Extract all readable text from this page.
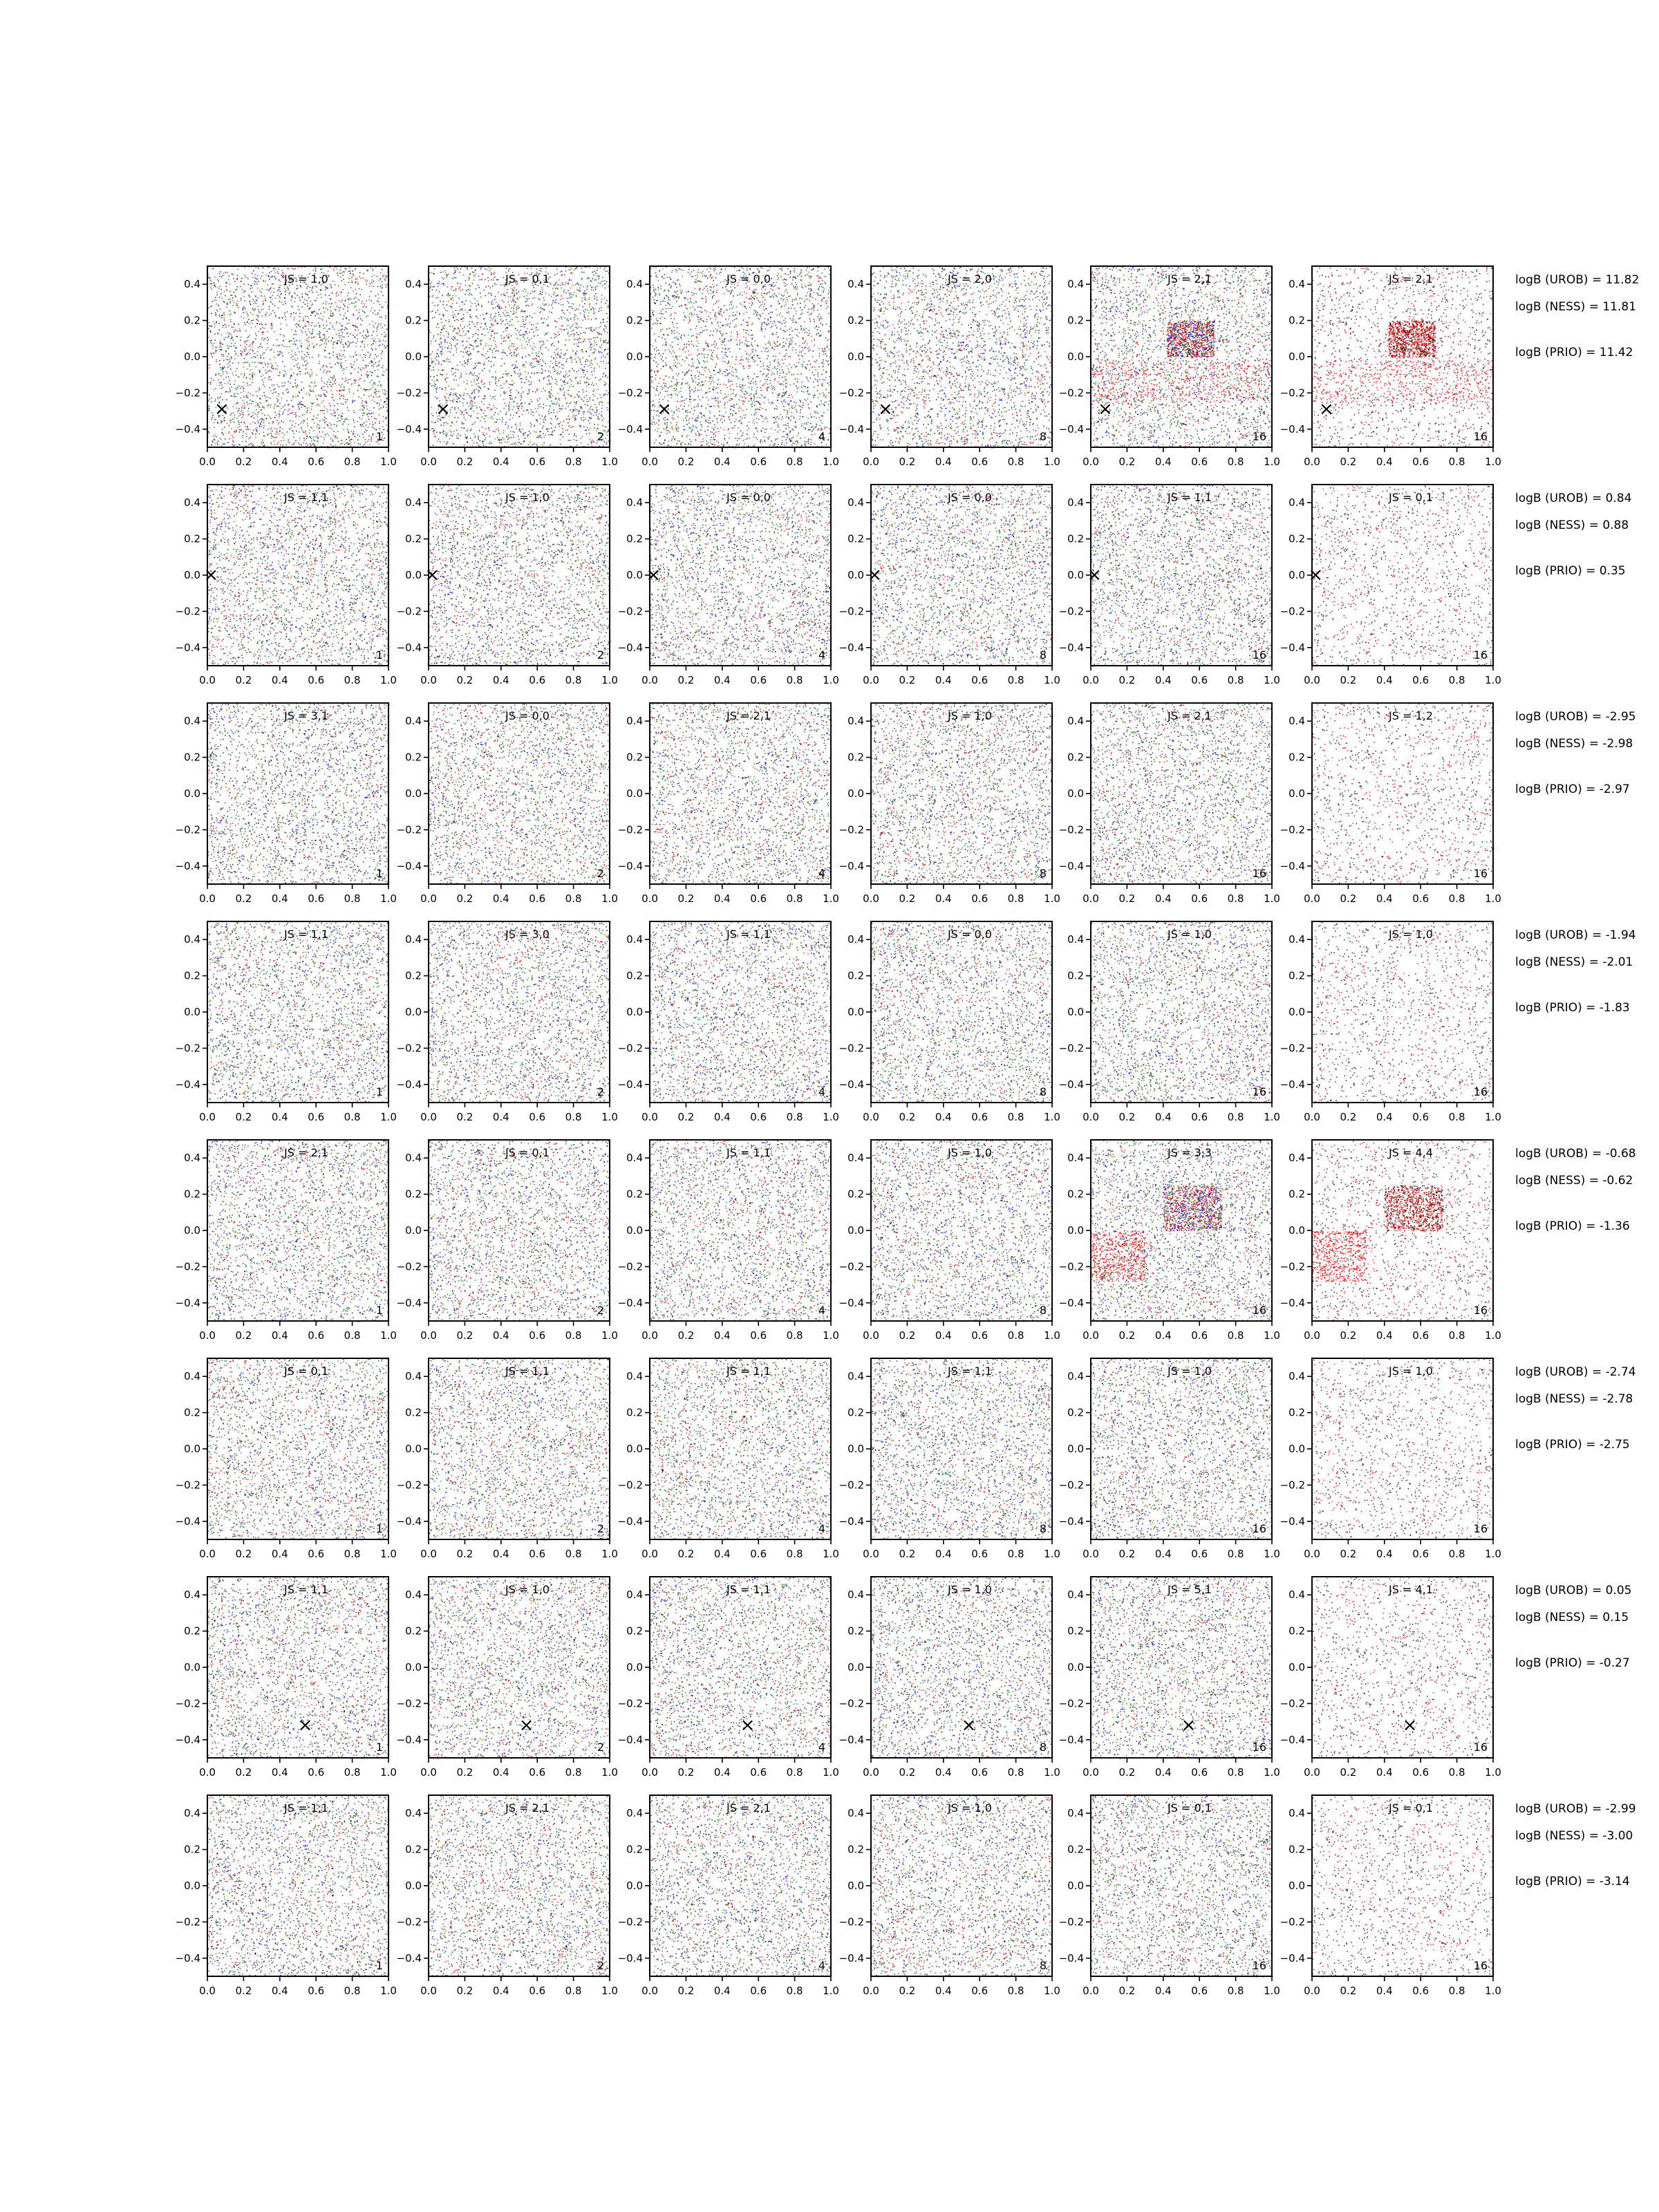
0.0 0.2 0.4 0.6 0.8 1.0
0.4
0.2
0.0
−0.2
−0.4
JS = 1,0
1
×
0.0 0.2 0.4 0.6 0.8 1.0
0.4
0.2
0.0
−0.2
−0.4
JS = 0,1
2
×
0.0 0.2 0.4 0.6 0.8 1.0
0.4
0.2
0.0
−0.2
−0.4
JS = 0,0
4
×
0.0 0.2 0.4 0.6 0.8 1.0
0.4
0.2
0.0
−0.2
−0.4
JS = 2,0
8
×
0.0 0.2 0.4 0.6 0.8 1.0
0.4
0.2
0.0
−0.2
−0.4
JS = 2,1
16
×
0.0 0.2 0.4 0.6 0.8 1.0
0.4
0.2
0.0
−0.2
−0.4
JS = 2,1
16
×
logB (UROB) = 11.82
logB (NESS) = 11.81
logB (PRIO) = 11.42
0.0 0.2 0.4 0.6 0.8 1.0
0.4
0.2
0.0
−0.2
−0.4
JS = 1,1
1
×
0.0 0.2 0.4 0.6 0.8 1.0
0.4
0.2
0.0
−0.2
−0.4
JS = 1,0
2
×
0.0 0.2 0.4 0.6 0.8 1.0
0.4
0.2
0.0
−0.2
−0.4
JS = 0,0
4
×
0.0 0.2 0.4 0.6 0.8 1.0
0.4
0.2
0.0
−0.2
−0.4
JS = 0,0
8
×
0.0 0.2 0.4 0.6 0.8 1.0
0.4
0.2
0.0
−0.2
−0.4
JS = 1,1
16
×
0.0 0.2 0.4 0.6 0.8 1.0
0.4
0.2
0.0
−0.2
−0.4
JS = 0,1
16
×
logB (UROB) = 0.84
logB (NESS) = 0.88
logB (PRIO) = 0.35
0.0 0.2 0.4 0.6 0.8 1.0
0.4
0.2
0.0
−0.2
−0.4
JS = 3,1
1
0.0 0.2 0.4 0.6 0.8 1.0
0.4
0.2
0.0
−0.2
−0.4
JS = 0,0
2
0.0 0.2 0.4 0.6 0.8 1.0
0.4
0.2
0.0
−0.2
−0.4
JS = 2,1
4
0.0 0.2 0.4 0.6 0.8 1.0
0.4
0.2
0.0
−0.2
−0.4
JS = 1,0
8
0.0 0.2 0.4 0.6 0.8 1.0
0.4
0.2
0.0
−0.2
−0.4
JS = 2,1
16
0.0 0.2 0.4 0.6 0.8 1.0
0.4
0.2
0.0
−0.2
−0.4
JS = 1,2
16
logB (UROB) = -2.95
logB (NESS) = -2.98
logB (PRIO) = -2.97
0.0 0.2 0.4 0.6 0.8 1.0
0.4
0.2
0.0
−0.2
−0.4
JS = 1,1
1
0.0 0.2 0.4 0.6 0.8 1.0
0.4
0.2
0.0
−0.2
−0.4
JS = 3,0
2
0.0 0.2 0.4 0.6 0.8 1.0
0.4
0.2
0.0
−0.2
−0.4
JS = 1,1
4
0.0 0.2 0.4 0.6 0.8 1.0
0.4
0.2
0.0
−0.2
−0.4
JS = 0,0
8
0.0 0.2 0.4 0.6 0.8 1.0
0.4
0.2
0.0
−0.2
−0.4
JS = 1,0
16
0.0 0.2 0.4 0.6 0.8 1.0
0.4
0.2
0.0
−0.2
−0.4
JS = 1,0
16
logB (UROB) = -1.94
logB (NESS) = -2.01
logB (PRIO) = -1.83
0.0 0.2 0.4 0.6 0.8 1.0
0.4
0.2
0.0
−0.2
−0.4
JS = 2,1
1
0.0 0.2 0.4 0.6 0.8 1.0
0.4
0.2
0.0
−0.2
−0.4
JS = 0,1
2
0.0 0.2 0.4 0.6 0.8 1.0
0.4
0.2
0.0
−0.2
−0.4
JS = 1,1
4
0.0 0.2 0.4 0.6 0.8 1.0
0.4
0.2
0.0
−0.2
−0.4
JS = 1,0
8
0.0 0.2 0.4 0.6 0.8 1.0
0.4
0.2
0.0
−0.2
−0.4
JS = 3,3
16
0.0 0.2 0.4 0.6 0.8 1.0
0.4
0.2
0.0
−0.2
−0.4
JS = 4,4
16
logB (UROB) = -0.68
logB (NESS) = -0.62
logB (PRIO) = -1.36
0.0 0.2 0.4 0.6 0.8 1.0
0.4
0.2
0.0
−0.2
−0.4
JS = 0,1
1
0.0 0.2 0.4 0.6 0.8 1.0
0.4
0.2
0.0
−0.2
−0.4
JS = 1,1
2
0.0 0.2 0.4 0.6 0.8 1.0
0.4
0.2
0.0
−0.2
−0.4
JS = 1,1
4
0.0 0.2 0.4 0.6 0.8 1.0
0.4
0.2
0.0
−0.2
−0.4
JS = 1,1
8
0.0 0.2 0.4 0.6 0.8 1.0
0.4
0.2
0.0
−0.2
−0.4
JS = 1,0
16
0.0 0.2 0.4 0.6 0.8 1.0
0.4
0.2
0.0
−0.2
−0.4
JS = 1,0
16
logB (UROB) = -2.74
logB (NESS) = -2.78
logB (PRIO) = -2.75
0.0 0.2 0.4 0.6 0.8 1.0
0.4
0.2
0.0
−0.2
−0.4
JS = 1,1
1
×
0.0 0.2 0.4 0.6 0.8 1.0
0.4
0.2
0.0
−0.2
−0.4
JS = 1,0
2
×
0.0 0.2 0.4 0.6 0.8 1.0
0.4
0.2
0.0
−0.2
−0.4
JS = 1,1
4
×
0.0 0.2 0.4 0.6 0.8 1.0
0.4
0.2
0.0
−0.2
−0.4
JS = 1,0
8
×
0.0 0.2 0.4 0.6 0.8 1.0
0.4
0.2
0.0
−0.2
−0.4
JS = 5,1
16
×
0.0 0.2 0.4 0.6 0.8 1.0
0.4
0.2
0.0
−0.2
−0.4
JS = 4,1
16
×
logB (UROB) = 0.05
logB (NESS) = 0.15
logB (PRIO) = -0.27
0.0 0.2 0.4 0.6 0.8 1.0
0.4
0.2
0.0
−0.2
−0.4
JS = 1,1
1
0.0 0.2 0.4 0.6 0.8 1.0
0.4
0.2
0.0
−0.2
−0.4
JS = 2,1
2
0.0 0.2 0.4 0.6 0.8 1.0
0.4
0.2
0.0
−0.2
−0.4
JS = 2,1
4
0.0 0.2 0.4 0.6 0.8 1.0
0.4
0.2
0.0
−0.2
−0.4
JS = 1,0
8
0.0 0.2 0.4 0.6 0.8 1.0
0.4
0.2
0.0
−0.2
−0.4
JS = 0,1
16
0.0 0.2 0.4 0.6 0.8 1.0
0.4
0.2
0.0
−0.2
−0.4
JS = 0,1
16
logB (UROB) = -2.99
logB (NESS) = -3.00
logB (PRIO) = -3.14
